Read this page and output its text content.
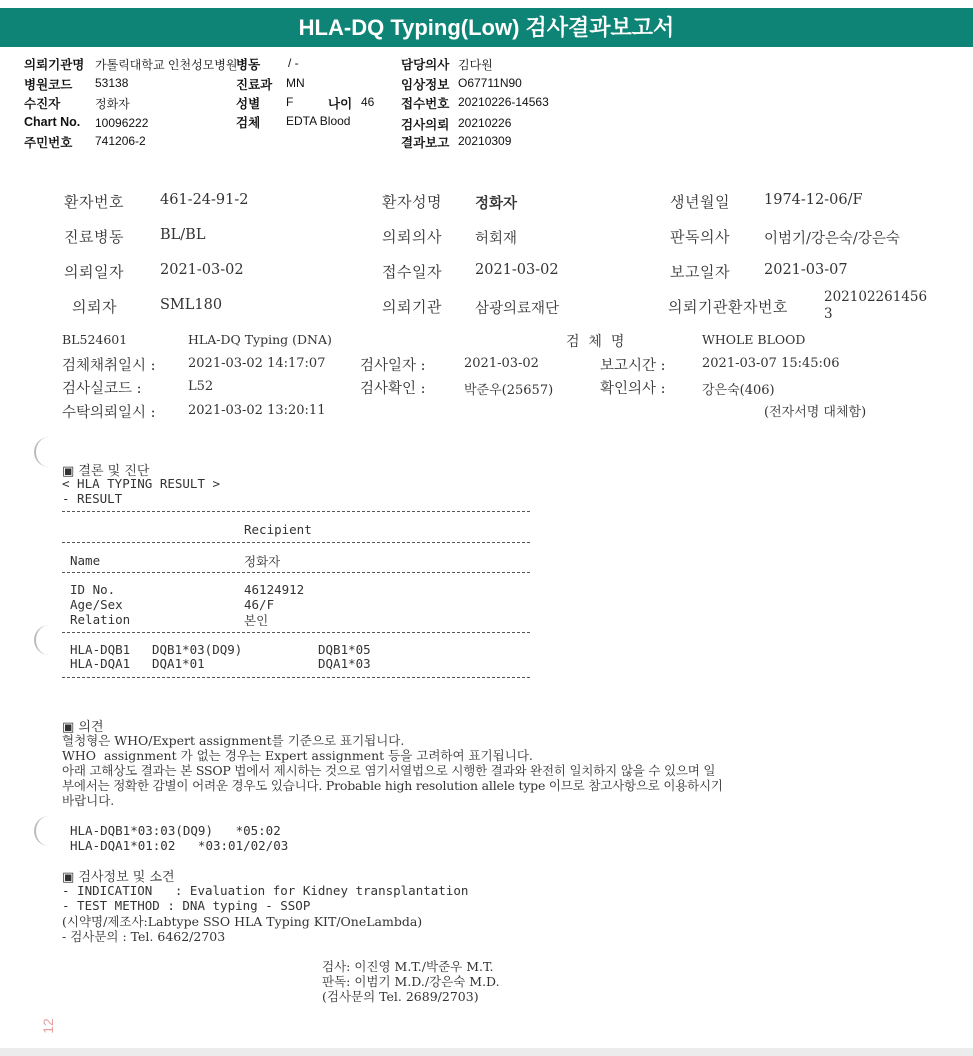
HLA-DQ Typing(Low) 검사결과보고서
의뢰기관명 가톨릭대학교 인천성모병원
병원코드 53138
수진자	정화자
Chart No. 10096222
주민번호 741206-2
병동 / -
진료과 MN
성별 F	나이 46
검체 EDTA Blood
담당의사 김다원
임상정보 O67711N90
접수번호 20210226-14563
검사의뢰 20210226
결과보고 20210309
환자번호 461-24-91-2	환자성명 정화자	생년월일 1974-12-06/F
진료병동 BL/BL	의뢰의사 허회재	판독의사 이범기/강은숙/강은숙
의뢰일자 2021-03-02	접수일자 2021-03-02	보고일자 2021-03-07
의뢰자	SML180	의뢰기관 삼광의료재단	의뢰기관환자번호
202102261456
3
BL524601	HLA-DQ Typing (DNA)	검  체  명	WHOLE BLOOD
검체채취일시 : 2021-03-02 14:17:07 검사일자 :	2021-03-02	보고시간 :	2021-03-07 15:45:06
검사실코드 :	L52	검사확인 :	박준우(25657)	확인의사 :	강은숙(406)
수탁의뢰일시 : 2021-03-02 13:20:11	(전자서명 대체함)
▣ 결론 및 진단
< HLA TYPING RESULT >
- RESULT
Recipient
Name	정화자
ID No.	46124912
Age/Sex	46/F
Relation	본인
HLA-DQB1 DQB1*03(DQ9)	DQB1*05
HLA-DQA1 DQA1*01	DQA1*03
▣ 의견
혈청형은 WHO/Expert assignment를 기준으로 표기됩니다.
WHO  assignment 가 없는 경우는 Expert assignment 등을 고려하여 표기됩니다.
아래 고해상도 결과는 본 SSOP 법에서 제시하는 것으로 염기서열법으로 시행한 결과와 완전히 일치하지 않을 수 있으며 일
부에서는 정확한 감별이 어려운 경우도 있습니다. Probable high resolution allele type 이므로 참고사항으로 이용하시기
바랍니다.
HLA-DQB1*03:03(DQ9)   *05:02
HLA-DQA1*01:02   *03:01/02/03
▣ 검사정보 및 소견
- INDICATION   : Evaluation for Kidney transplantation
- TEST METHOD : DNA typing - SSOP
(시약명/제조사:Labtype SSO HLA Typing KIT/OneLambda)
- 검사문의 : Tel. 6462/2703
검사: 이진영 M.T./박준우 M.T.
판독: 이범기 M.D./강은숙 M.D.
(검사문의 Tel. 2689/2703)
12
